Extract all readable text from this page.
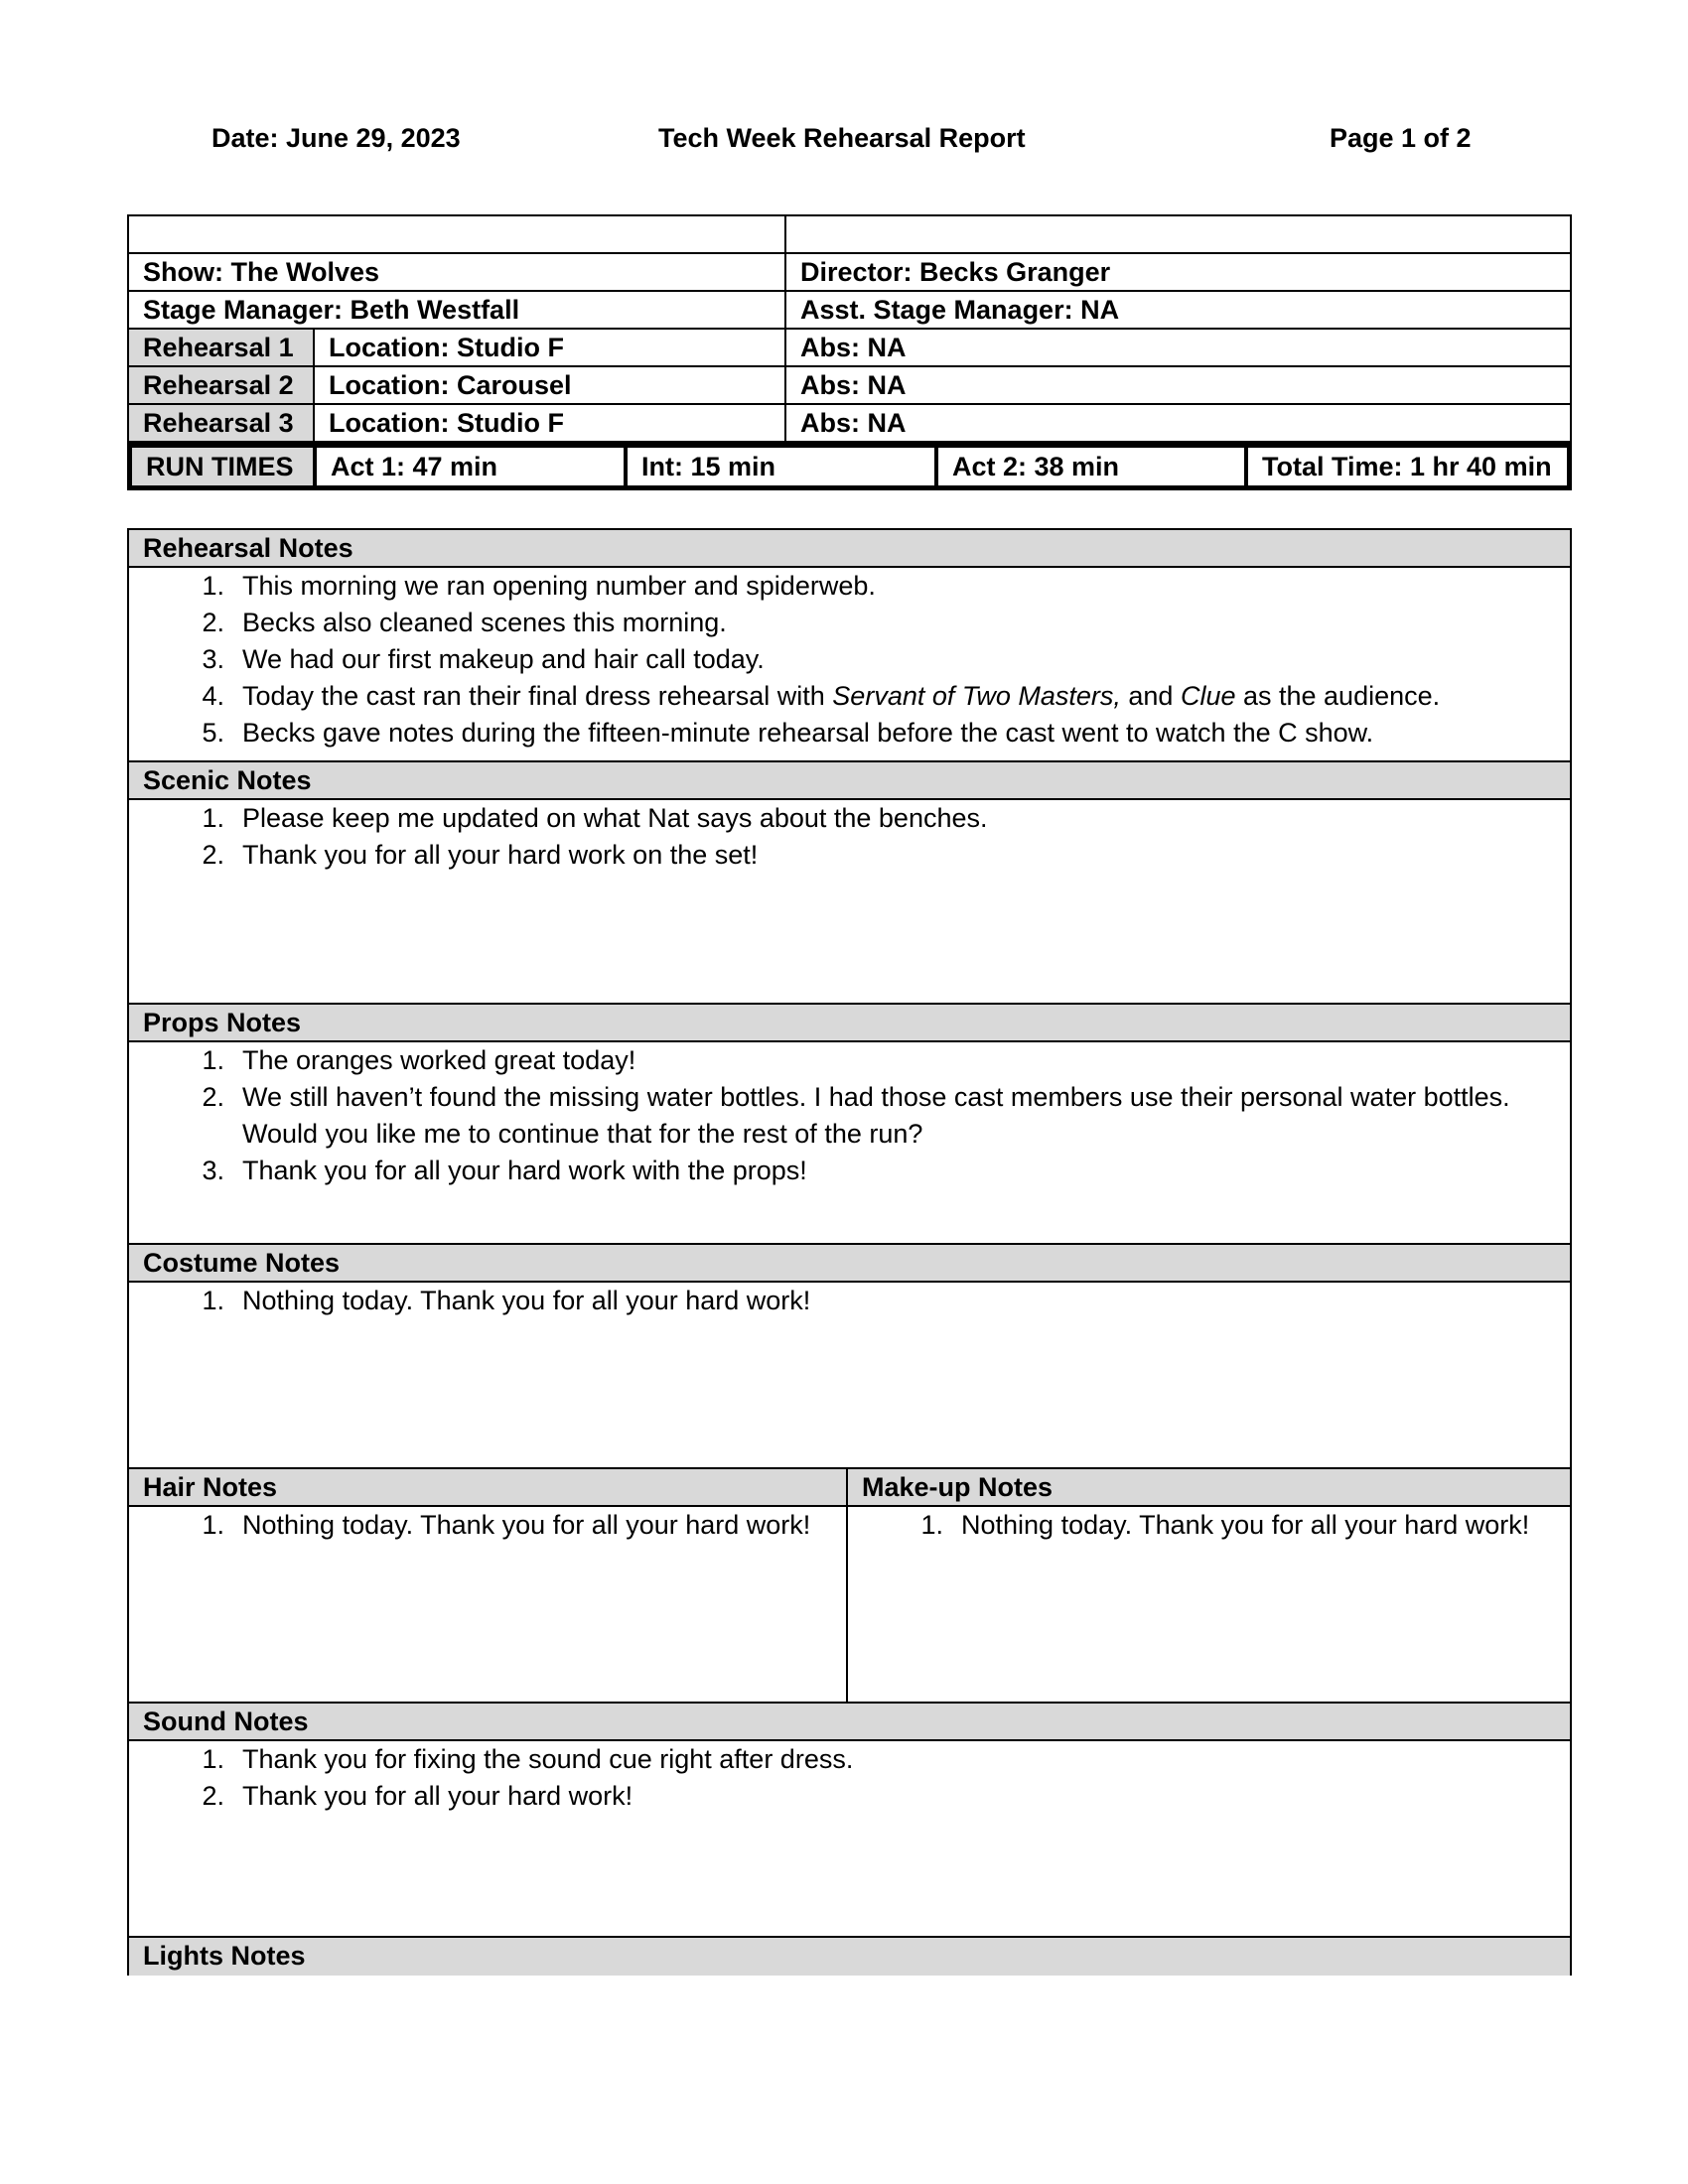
Date: June 29, 2023	Tech Week Rehearsal Report	Page 1 of 2
Show: The Wolves	Director: Becks Granger
Stage Manager: Beth Westfall	Asst. Stage Manager: NA
Rehearsal 1	Location: Studio F	Abs: NA
Rehearsal 2	Location: Carousel	Abs: NA
Rehearsal 3	Location: Studio F	Abs: NA
RUN TIMES	Act 1: 47 min	Int: 15 min	Act 2: 38 min	Total Time: 1 hr 40 min
Rehearsal Notes
1. This morning we ran opening number and spiderweb.
2. Becks also cleaned scenes this morning.
3. We had our first makeup and hair call today.
4. Today the cast ran their final dress rehearsal with Servant of Two Masters, and Clue as the audience.
5. Becks gave notes during the fifteen-minute rehearsal before the cast went to watch the C show.
Scenic Notes
1. Please keep me updated on what Nat says about the benches.
2. Thank you for all your hard work on the set!
Props Notes
1. The oranges worked great today!
2. We still haven’t found the missing water bottles. I had those cast members use their personal water bottles. Would you like me to continue that for the rest of the run?
3. Thank you for all your hard work with the props!
Costume Notes
1. Nothing today. Thank you for all your hard work!
Hair Notes
1. Nothing today. Thank you for all your hard work!
Make-up Notes
1. Nothing today. Thank you for all your hard work!
Sound Notes
1. Thank you for fixing the sound cue right after dress.
2. Thank you for all your hard work!
Lights Notes
